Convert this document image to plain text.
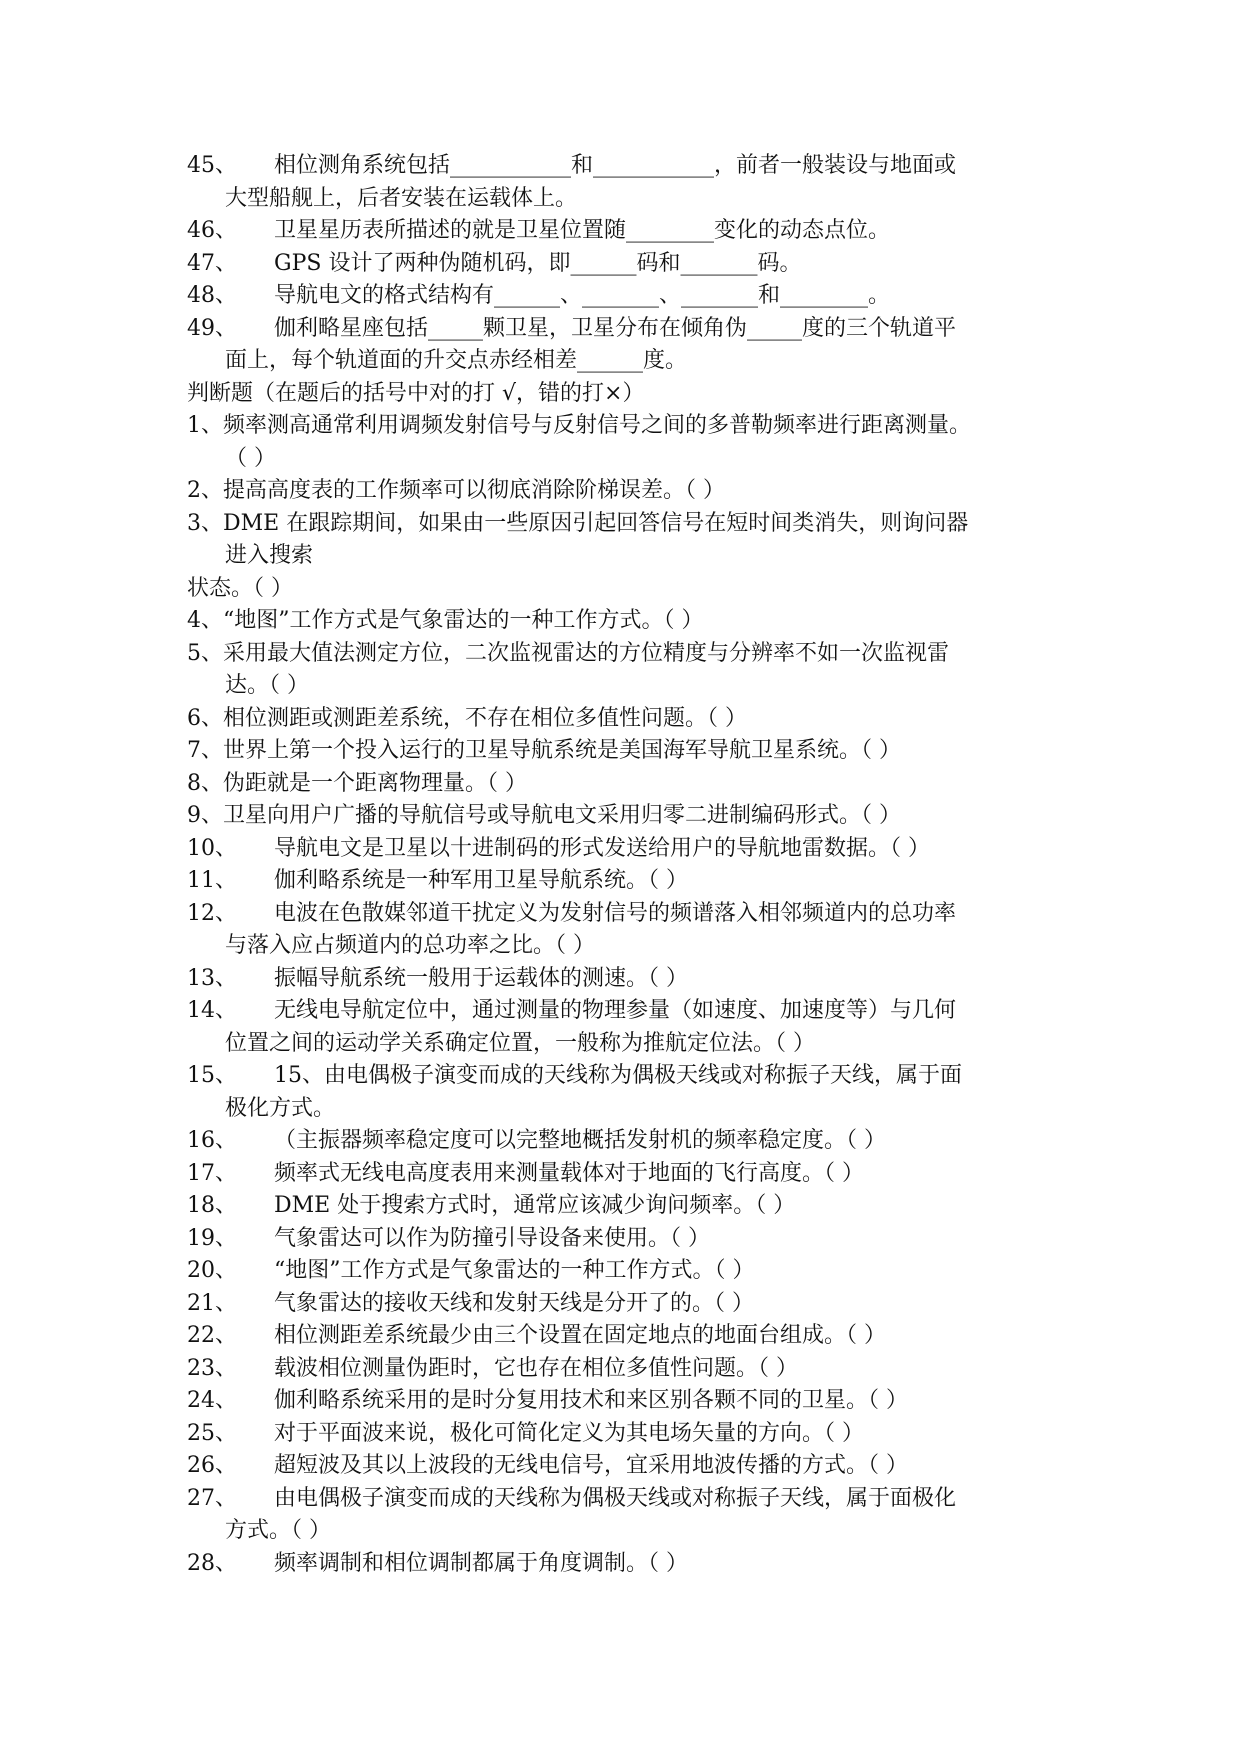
45、	相位测角系统包括___________和___________，前者一般装设与地面或
大型船舰上，后者安装在运载体上。
46、	卫星星历表所描述的就是卫星位置随________变化的动态点位。
47、	GPS 设计了两种伪随机码，即______码和_______码。
48、	导航电文的格式结构有______、_______、_______和________。
49、	伽利略星座包括_____颗卫星，卫星分布在倾角伪_____度的三个轨道平
面上，每个轨道面的升交点赤经相差______度。
判断题（在题后的括号中对的打 √，错的打×）
1、 频率测高通常利用调频发射信号与反射信号之间的多普勒频率进行距离测量。
（ ）
2、 提高高度表的工作频率可以彻底消除阶梯误差。（ ）
3、 DME 在跟踪期间，如果由一些原因引起回答信号在短时间类消失，则询问器
进入搜索
状态。（ ）
4、 “地图”工作方式是气象雷达的一种工作方式。（ ）
5、 采用最大值法测定方位，二次监视雷达的方位精度与分辨率不如一次监视雷
达。（ ）
6、 相位测距或测距差系统，不存在相位多值性问题。（ ）
7、 世界上第一个投入运行的卫星导航系统是美国海军导航卫星系统。（ ）
8、 伪距就是一个距离物理量。（ ）
9、 卫星向用户广播的导航信号或导航电文采用归零二进制编码形式。（ ）
10、	导航电文是卫星以十进制码的形式发送给用户的导航地雷数据。（ ）
11、	伽利略系统是一种军用卫星导航系统。（ ）
12、	电波在色散媒邻道干扰定义为发射信号的频谱落入相邻频道内的总功率
与落入应占频道内的总功率之比。（ ）
13、	振幅导航系统一般用于运载体的测速。（ ）
14、	无线电导航定位中，通过测量的物理参量（如速度、加速度等）与几何
位置之间的运动学关系确定位置，一般称为推航定位法。（ ）
15、	15、由电偶极子演变而成的天线称为偶极天线或对称振子天线，属于面
极化方式。
16、	（主振器频率稳定度可以完整地概括发射机的频率稳定度。（ ）
17、	频率式无线电高度表用来测量载体对于地面的飞行高度。（ ）
18、	DME 处于搜索方式时，通常应该减少询问频率。（ ）
19、	气象雷达可以作为防撞引导设备来使用。（ ）
20、	“地图”工作方式是气象雷达的一种工作方式。（ ）
21、	气象雷达的接收天线和发射天线是分开了的。（ ）
22、	相位测距差系统最少由三个设置在固定地点的地面台组成。（ ）
23、	载波相位测量伪距时，它也存在相位多值性问题。（ ）
24、	伽利略系统采用的是时分复用技术和来区别各颗不同的卫星。（ ）
25、	对于平面波来说，极化可简化定义为其电场矢量的方向。（ ）
26、	超短波及其以上波段的无线电信号，宜采用地波传播的方式。（ ）
27、	由电偶极子演变而成的天线称为偶极天线或对称振子天线，属于面极化
方式。（ ）
28、	频率调制和相位调制都属于角度调制。（ ）
